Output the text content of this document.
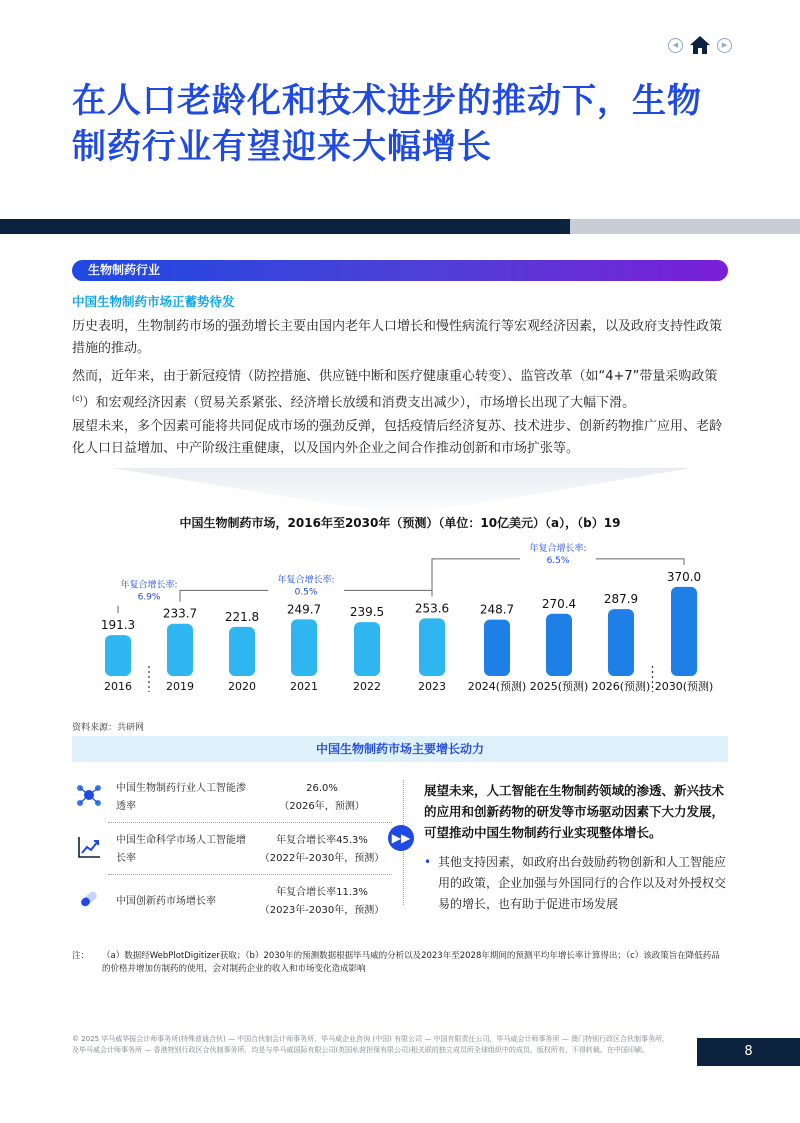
◀	▶
在人口老龄化和技术进步的推动下，生物制药行业有望迎来大幅增长
生物制药行业
中国生物制药市场正蓄势待发

历史表明，生物制药市场的强劲增长主要由国内老年人口增长和慢性病流行等宏观经济因素，以及政府支持性政策措施的推动。

然而，近年来，由于新冠疫情（防控措施、供应链中断和医疗健康重心转变）、监管改革（如“4+7”带量采购政策$^{(c)}$）和宏观经济因素（贸易关系紧张、经济增长放缓和消费支出减少），市场增长出现了大幅下滑。

展望未来，多个因素可能将共同促成市场的强劲反弹，包括疫情后经济复苏、技术进步、创新药物推广应用、老龄化人口日益增加、中产阶级注重健康，以及国内外企业之间合作推动创新和市场扩张等。

中国生物制药市场，2016年至2030年（预测）（单位：10亿美元）（a），（b）19
191.3
2016
233.7
2019
221.8
2020
249.7
2021
239.5
2022
253.6
2023
248.7
2024(预测)
270.4
2025(预测)
287.9
2026(预测)
370.0
2030(预测)
年复合增长率:
6.9%
年复合增长率:
0.5%
年复合增长率:
6.5%
资料来源：共研网
中国生物制药市场主要增长动力
中国生物制药行业人工智能渗透率
26.0%
（2026年，预测）
中国生命科学市场人工智能增长率
年复合增长率45.3%
（2022年-2030年，预测）
中国创新药市场增长率
年复合增长率11.3%
（2023年-2030年，预测）
▶▶
展望未来，人工智能在生物制药领域的渗透、新兴技术的应用和创新药物的研发等市场驱动因素下大力发展，可望推动中国生物制药行业实现整体增长。
• 其他支持因素，如政府出台鼓励药物创新和人工智能应用的政策，企业加强与外国同行的合作以及对外授权交易的增长，也有助于促进市场发展
注：	（a）数据经WebPlotDigitizer获取；（b）2030年的预测数据根据毕马威的分析以及2023年至2028年期间的预测平均年增长率计算得出；（c）该政策旨在降低药品的价格并增加仿制药的使用，会对制药企业的收入和市场变化造成影响
© 2025 毕马威华振会计师事务所(特殊普通合伙) — 中国合伙制会计师事务所，毕马威企业咨询 (中国) 有限公司 — 中国有限责任公司，毕马威会计师事务所 — 澳门特别行政区合伙制事务所，及毕马威会计师事务所 — 香港特别行政区合伙制事务所，均是与毕马威国际有限公司(英国私营担保有限公司)相关联的独立成员所全球组织中的成员。版权所有，不得转载。在中国印刷。	8
